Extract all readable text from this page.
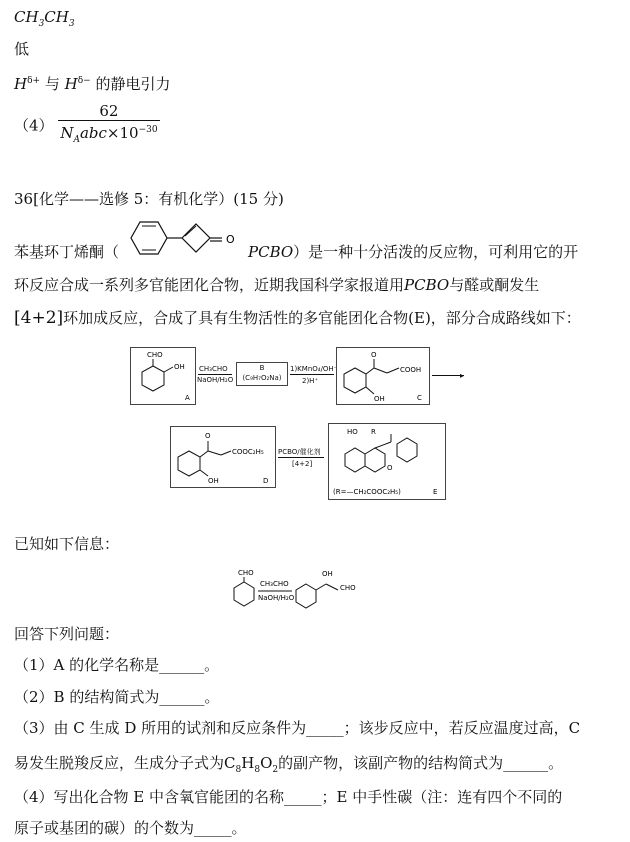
$CH_3CH_3$
低
$H^{\delta+}$ 与 $H^{\delta-}$ 的静电引力
$(4) \frac{62}{N_Aabc\times 10^{-30}}$
36[化学——选修 5：有机化学）(15 分)
苯基环丁烯酮（
O
PCBO）是一种十分活泼的反应物，可利用它的开
环反应合成一系列多官能团化合物，近期我国科学家报道用PCBO与醛或酮发生
[4+2]环加成反应，合成了具有生物活性的多官能团化合物(E)，部分合成路线如下：
CHO
OH
A
CH₃CHO
NaOH/H₂O
B
(C₉H₇O₂Na)
1)KMnO₄/OH⁻
2)H⁺
O
COOH
OH	C
▸
O
COOC₂H₅
OH	D
PCBO/催化剂
[4+2]
HO R
O
(R=—CH₂COOC₂H₅)	E
已知如下信息：
CHO
CH₃CHO
NaOH/H₂O
OH
CHO
回答下列问题：
（1）A 的化学名称是______。
（2）B 的结构简式为______。
（3）由 C 生成 D 所用的试剂和反应条件为_____；该步反应中，若反应温度过高，C
易发生脱羧反应，生成分子式为$C_8H_8O_2$的副产物，该副产物的结构简式为______。
（4）写出化合物 E 中含氧官能团的名称_____；E 中手性碳（注：连有四个不同的
原子或基团的碳）的个数为_____。
